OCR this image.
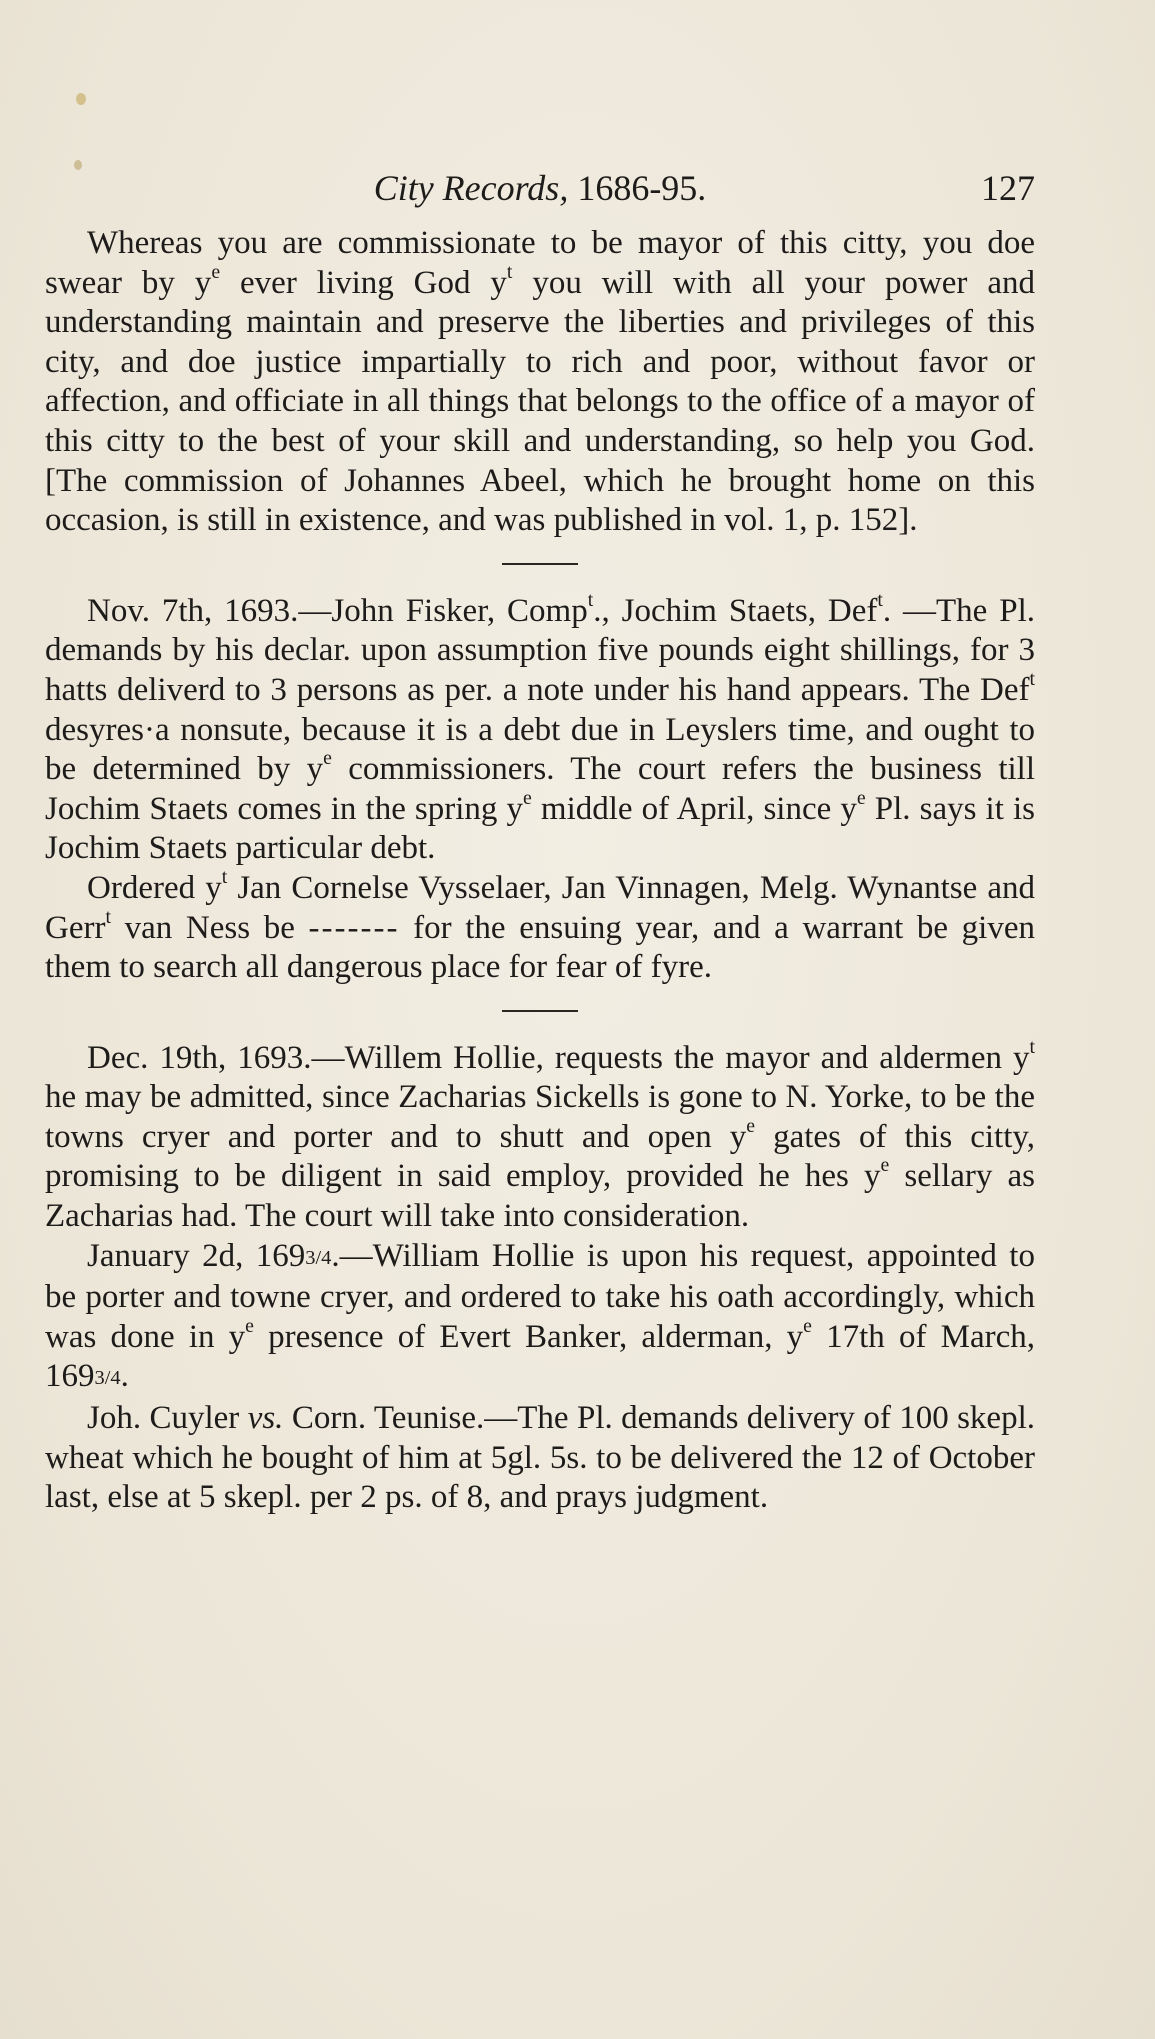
City Records, 1686-95.	127

Whereas you are commissionate to be mayor of this citty, you doe swear by $y^e$ ever living God $y^t$ you will with all your power and understanding maintain and preserve the liberties and privileges of this city, and doe justice impartially to rich and poor, without favor or affection, and officiate in all things that belongs to the office of a mayor of this citty to the best of your skill and understanding, so help you God. [The commission of Johannes Abeel, which he brought home on this occasion, is still in existence, and was published in vol. 1, p. 152].

Nov. 7th, 1693.—John Fisker, Comp$^t$., Jochim Staets, Def$^t$. —The Pl. demands by his declar. upon assumption five pounds eight shillings, for 3 hatts deliverd to 3 persons as per. a note under his hand appears. The Def$^t$ desyres·a nonsute, because it is a debt due in Leyslers time, and ought to be determined by $y^e$ commissioners. The court refers the business till Jochim Staets comes in the spring $y^e$ middle of April, since $y^e$ Pl. says it is Jochim Staets particular debt.

Ordered $y^t$ Jan Cornelse Vysselaer, Jan Vinnagen, Melg. Wynantse and Gerr$^t$ van Ness be ------- for the ensuing year, and a warrant be given them to search all dangerous place for fear of fyre.

Dec. 19th, 1693.—Willem Hollie, requests the mayor and aldermen $y^t$ he may be admitted, since Zacharias Sickells is gone to N. Yorke, to be the towns cryer and porter and to shutt and open $y^e$ gates of this citty, promising to be diligent in said employ, provided he hes $y^e$ sellary as Zacharias had. The court will take into consideration.

January 2d, 1693/4.—William Hollie is upon his request, appointed to be porter and towne cryer, and ordered to take his oath accordingly, which was done in $y^e$ presence of Evert Banker, alderman, $y^e$ 17th of March, 1693/4.

Joh. Cuyler vs. Corn. Teunise.—The Pl. demands delivery of 100 skepl. wheat which he bought of him at 5gl. 5s. to be delivered the 12 of October last, else at 5 skepl. per 2 ps. of 8, and prays judgment.
